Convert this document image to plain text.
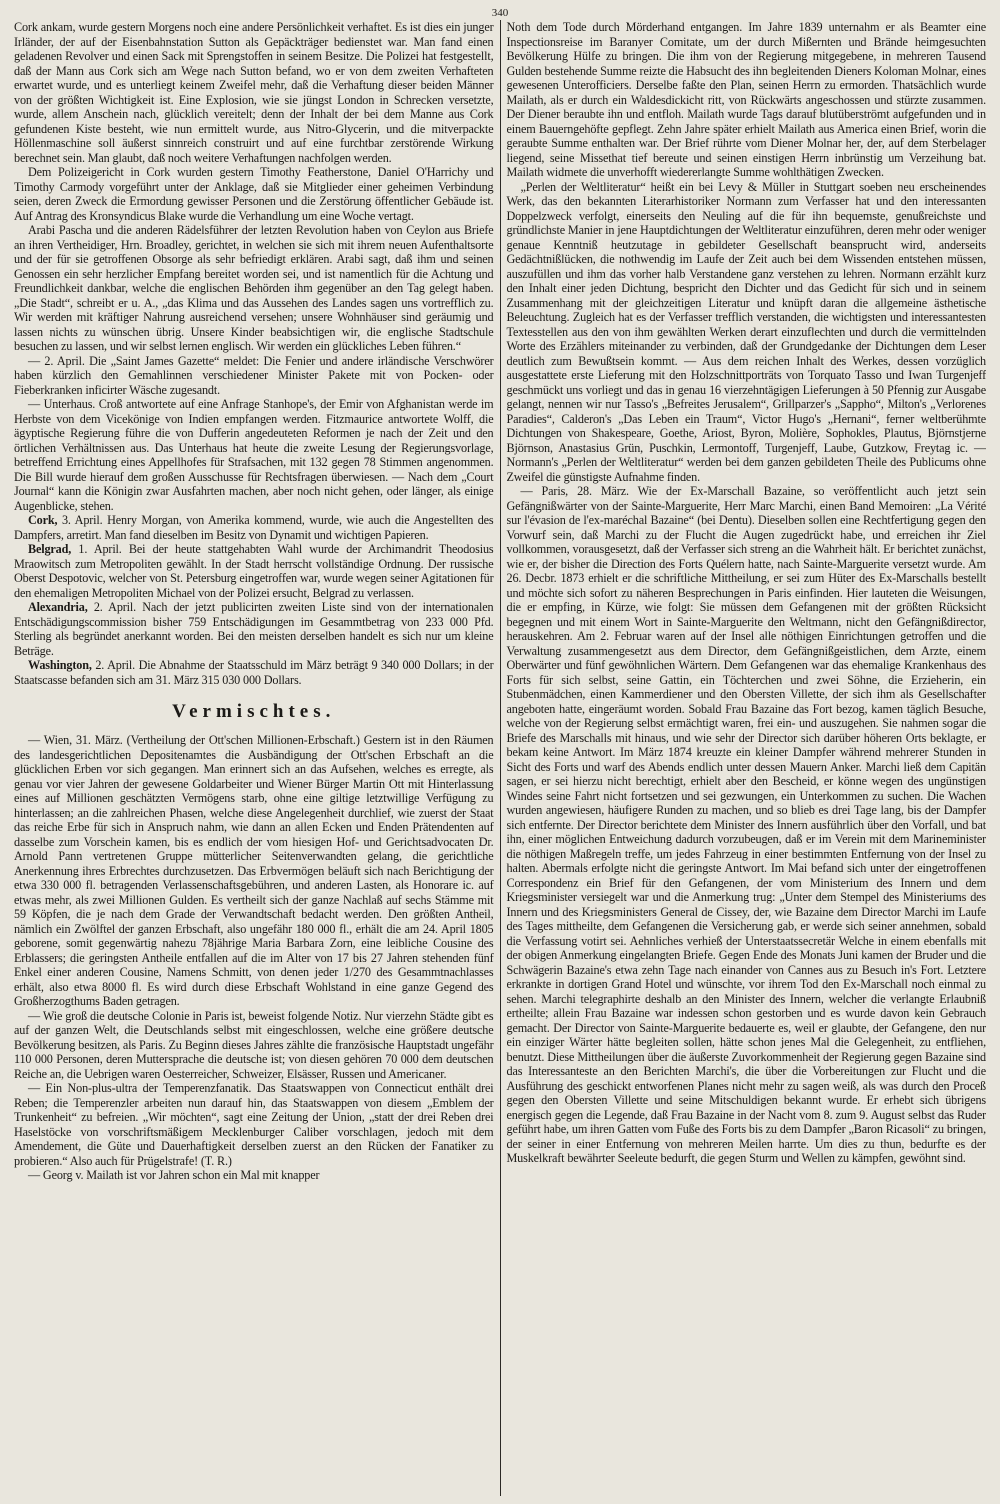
340

Cork ankam, wurde gestern Morgens noch eine andere Persönlichkeit verhaftet. Es ist dies ein junger Irländer, der auf der Eisenbahnstation Sutton als Gepäckträger bedienstet war. Man fand einen geladenen Revolver und einen Sack mit Sprengstoffen in seinem Besitze. Die Polizei hat festgestellt, daß der Mann aus Cork sich am Wege nach Sutton befand, wo er von dem zweiten Verhafteten erwartet wurde, und es unterliegt keinem Zweifel mehr, daß die Verhaftung dieser beiden Männer von der größten Wichtigkeit ist. Eine Explosion, wie sie jüngst London in Schrecken versetzte, wurde, allem Anschein nach, glücklich vereitelt; denn der Inhalt der bei dem Manne aus Cork gefundenen Kiste besteht, wie nun ermittelt wurde, aus Nitro-Glycerin, und die mitverpackte Höllenmaschine soll äußerst sinnreich construirt und auf eine furchtbar zerstörende Wirkung berechnet sein. Man glaubt, daß noch weitere Verhaftungen nachfolgen werden.

Dem Polizeigericht in Cork wurden gestern Timothy Featherstone, Daniel O'Harrichy und Timothy Carmody vorgeführt unter der Anklage, daß sie Mitglieder einer geheimen Verbindung seien, deren Zweck die Ermordung gewisser Personen und die Zerstörung öffentlicher Gebäude ist. Auf Antrag des Kronsyndicus Blake wurde die Verhandlung um eine Woche vertagt.

Arabi Pascha und die anderen Rädelsführer der letzten Revolution haben von Ceylon aus Briefe an ihren Vertheidiger, Hrn. Broadley, gerichtet, in welchen sie sich mit ihrem neuen Aufenthaltsorte und der für sie getroffenen Obsorge als sehr befriedigt erklären. Arabi sagt, daß ihm und seinen Genossen ein sehr herzlicher Empfang bereitet worden sei, und ist namentlich für die Achtung und Freundlichkeit dankbar, welche die englischen Behörden ihm gegenüber an den Tag gelegt haben. „Die Stadt“, schreibt er u. A., „das Klima und das Aussehen des Landes sagen uns vortrefflich zu. Wir werden mit kräftiger Nahrung ausreichend versehen; unsere Wohnhäuser sind geräumig und lassen nichts zu wünschen übrig. Unsere Kinder beabsichtigen wir, die englische Stadtschule besuchen zu lassen, und wir selbst lernen englisch. Wir werden ein glückliches Leben führen.“

— 2. April. Die „Saint James Gazette“ meldet: Die Fenier und andere irländische Verschwörer haben kürzlich den Gemahlinnen verschiedener Minister Pakete mit von Pocken- oder Fieberkranken inficirter Wäsche zugesandt.

— Unterhaus. Croß antwortete auf eine Anfrage Stanhope's, der Emir von Afghanistan werde im Herbste von dem Vicekönige von Indien empfangen werden. Fitzmaurice antwortete Wolff, die ägyptische Regierung führe die von Dufferin angedeuteten Reformen je nach der Zeit und den örtlichen Verhältnissen aus. Das Unterhaus hat heute die zweite Lesung der Regierungsvorlage, betreffend Errichtung eines Appellhofes für Strafsachen, mit 132 gegen 78 Stimmen angenommen. Die Bill wurde hierauf dem großen Ausschusse für Rechtsfragen überwiesen. — Nach dem „Court Journal“ kann die Königin zwar Ausfahrten machen, aber noch nicht gehen, oder länger, als einige Augenblicke, stehen.

Cork, 3. April. Henry Morgan, von Amerika kommend, wurde, wie auch die Angestellten des Dampfers, arretirt. Man fand dieselben im Besitz von Dynamit und wichtigen Papieren.

Belgrad, 1. April. Bei der heute stattgehabten Wahl wurde der Archimandrit Theodosius Mraowitsch zum Metropoliten gewählt. In der Stadt herrscht vollständige Ordnung. Der russische Oberst Despotovic, welcher von St. Petersburg eingetroffen war, wurde wegen seiner Agitationen für den ehemaligen Metropoliten Michael von der Polizei ersucht, Belgrad zu verlassen.

Alexandria, 2. April. Nach der jetzt publicirten zweiten Liste sind von der internationalen Entschädigungscommission bisher 759 Entschädigungen im Gesammtbetrag von 233 000 Pfd. Sterling als begründet anerkannt worden. Bei den meisten derselben handelt es sich nur um kleine Beträge.

Washington, 2. April. Die Abnahme der Staatsschuld im März beträgt 9 340 000 Dollars; in der Staatscasse befanden sich am 31. März 315 030 000 Dollars.

Vermischtes.

— Wien, 31. März. (Vertheilung der Ott'schen Millionen-Erbschaft.) Gestern ist in den Räumen des landesgerichtlichen Depositenamtes die Ausbändigung der Ott'schen Erbschaft an die glücklichen Erben vor sich gegangen. Man erinnert sich an das Aufsehen, welches es erregte, als genau vor vier Jahren der gewesene Goldarbeiter und Wiener Bürger Martin Ott mit Hinterlassung eines auf Millionen geschätzten Vermögens starb, ohne eine giltige letztwillige Verfügung zu hinterlassen; an die zahlreichen Phasen, welche diese Angelegenheit durchlief, wie zuerst der Staat das reiche Erbe für sich in Anspruch nahm, wie dann an allen Ecken und Enden Prätendenten auf dasselbe zum Vorschein kamen, bis es endlich der vom hiesigen Hof- und Gerichtsadvocaten Dr. Arnold Pann vertretenen Gruppe mütterlicher Seitenverwandten gelang, die gerichtliche Anerkennung ihres Erbrechtes durchzusetzen. Das Erbvermögen beläuft sich nach Berichtigung der etwa 330 000 fl. betragenden Verlassenschaftsgebühren, und anderen Lasten, als Honorare ic. auf etwas mehr, als zwei Millionen Gulden. Es vertheilt sich der ganze Nachlaß auf sechs Stämme mit 59 Köpfen, die je nach dem Grade der Verwandtschaft bedacht werden. Den größten Antheil, nämlich ein Zwölftel der ganzen Erbschaft, also ungefähr 180 000 fl., erhält die am 24. April 1805 geborene, somit gegenwärtig nahezu 78jährige Maria Barbara Zorn, eine leibliche Cousine des Erblassers; die geringsten Antheile entfallen auf die im Alter von 17 bis 27 Jahren stehenden fünf Enkel einer anderen Cousine, Namens Schmitt, von denen jeder 1/270 des Gesammtnachlasses erhält, also etwa 8000 fl. Es wird durch diese Erbschaft Wohlstand in eine ganze Gegend des Großherzogthums Baden getragen.

— Wie groß die deutsche Colonie in Paris ist, beweist folgende Notiz. Nur vierzehn Städte gibt es auf der ganzen Welt, die Deutschlands selbst mit eingeschlossen, welche eine größere deutsche Bevölkerung besitzen, als Paris. Zu Beginn dieses Jahres zählte die französische Hauptstadt ungefähr 110 000 Personen, deren Muttersprache die deutsche ist; von diesen gehören 70 000 dem deutschen Reiche an, die Uebrigen waren Oesterreicher, Schweizer, Elsässer, Russen und Americaner.

— Ein Non-plus-ultra der Temperenzfanatik. Das Staatswappen von Connecticut enthält drei Reben; die Temperenzler arbeiten nun darauf hin, das Staatswappen von diesem „Emblem der Trunkenheit“ zu befreien. „Wir möchten“, sagt eine Zeitung der Union, „statt der drei Reben drei Haselstöcke von vorschriftsmäßigem Mecklenburger Caliber vorschlagen, jedoch mit dem Amendement, die Güte und Dauerhaftigkeit derselben zuerst an den Rücken der Fanatiker zu probieren.“ Also auch für Prügelstrafe! (T. R.)

— Georg v. Mailath ist vor Jahren schon ein Mal mit knapper

Noth dem Tode durch Mörderhand entgangen. Im Jahre 1839 unternahm er als Beamter eine Inspectionsreise im Baranyer Comitate, um der durch Mißernten und Brände heimgesuchten Bevölkerung Hülfe zu bringen. Die ihm von der Regierung mitgegebene, in mehreren Tausend Gulden bestehende Summe reizte die Habsucht des ihn begleitenden Dieners Koloman Molnar, eines gewesenen Unterofficiers. Derselbe faßte den Plan, seinen Herrn zu ermorden. Thatsächlich wurde Mailath, als er durch ein Waldesdickicht ritt, von Rückwärts angeschossen und stürzte zusammen. Der Diener beraubte ihn und entfloh. Mailath wurde Tags darauf blutüberströmt aufgefunden und in einem Bauerngehöfte gepflegt. Zehn Jahre später erhielt Mailath aus America einen Brief, worin die geraubte Summe enthalten war. Der Brief rührte vom Diener Molnar her, der, auf dem Sterbelager liegend, seine Missethat tief bereute und seinen einstigen Herrn inbrünstig um Verzeihung bat. Mailath widmete die unverhofft wiedererlangte Summe wohlthätigen Zwecken.

„Perlen der Weltliteratur“ heißt ein bei Levy & Müller in Stuttgart soeben neu erscheinendes Werk, das den bekannten Literarhistoriker Normann zum Verfasser hat und den interessanten Doppelzweck verfolgt, einerseits den Neuling auf die für ihn bequemste, genußreichste und gründlichste Manier in jene Hauptdichtungen der Weltliteratur einzuführen, deren mehr oder weniger genaue Kenntniß heutzutage in gebildeter Gesellschaft beansprucht wird, anderseits Gedächtnißlücken, die nothwendig im Laufe der Zeit auch bei dem Wissenden entstehen müssen, auszufüllen und ihm das vorher halb Verstandene ganz verstehen zu lehren. Normann erzählt kurz den Inhalt einer jeden Dichtung, bespricht den Dichter und das Gedicht für sich und in seinem Zusammenhang mit der gleichzeitigen Literatur und knüpft daran die allgemeine ästhetische Beleuchtung. Zugleich hat es der Verfasser trefflich verstanden, die wichtigsten und interessantesten Textesstellen aus den von ihm gewählten Werken derart einzuflechten und durch die vermittelnden Worte des Erzählers miteinander zu verbinden, daß der Grundgedanke der Dichtungen dem Leser deutlich zum Bewußtsein kommt. — Aus dem reichen Inhalt des Werkes, dessen vorzüglich ausgestattete erste Lieferung mit den Holzschnittporträts von Torquato Tasso und Iwan Turgenjeff geschmückt uns vorliegt und das in genau 16 vierzehntägigen Lieferungen à 50 Pfennig zur Ausgabe gelangt, nennen wir nur Tasso's „Befreites Jerusalem“, Grillparzer's „Sappho“, Milton's „Verlorenes Paradies“, Calderon's „Das Leben ein Traum“, Victor Hugo's „Hernani“, ferner weltberühmte Dichtungen von Shakespeare, Goethe, Ariost, Byron, Molière, Sophokles, Plautus, Björnstjerne Björnson, Anastasius Grün, Puschkin, Lermontoff, Turgenjeff, Laube, Gutzkow, Freytag ic. — Normann's „Perlen der Weltliteratur“ werden bei dem ganzen gebildeten Theile des Publicums ohne Zweifel die günstigste Aufnahme finden.

— Paris, 28. März. Wie der Ex-Marschall Bazaine, so veröffentlicht auch jetzt sein Gefängnißwärter von der Sainte-Marguerite, Herr Marc Marchi, einen Band Memoiren: „La Vérité sur l'évasion de l'ex-maréchal Bazaine“ (bei Dentu). Dieselben sollen eine Rechtfertigung gegen den Vorwurf sein, daß Marchi zu der Flucht die Augen zugedrückt habe, und erreichen ihr Ziel vollkommen, vorausgesetzt, daß der Verfasser sich streng an die Wahrheit hält. Er berichtet zunächst, wie er, der bisher die Direction des Forts Quélern hatte, nach Sainte-Marguerite versetzt wurde. Am 26. Decbr. 1873 erhielt er die schriftliche Mittheilung, er sei zum Hüter des Ex-Marschalls bestellt und möchte sich sofort zu näheren Besprechungen in Paris einfinden. Hier lauteten die Weisungen, die er empfing, in Kürze, wie folgt: Sie müssen dem Gefangenen mit der größten Rücksicht begegnen und mit einem Wort in Sainte-Marguerite den Weltmann, nicht den Gefängnißdirector, herauskehren. Am 2. Februar waren auf der Insel alle nöthigen Einrichtungen getroffen und die Verwaltung zusammengesetzt aus dem Director, dem Gefängnißgeistlichen, dem Arzte, einem Oberwärter und fünf gewöhnlichen Wärtern. Dem Gefangenen war das ehemalige Krankenhaus des Forts für sich selbst, seine Gattin, ein Töchterchen und zwei Söhne, die Erzieherin, ein Stubenmädchen, einen Kammerdiener und den Obersten Villette, der sich ihm als Gesellschafter angeboten hatte, eingeräumt worden. Sobald Frau Bazaine das Fort bezog, kamen täglich Besuche, welche von der Regierung selbst ermächtigt waren, frei ein- und auszugehen. Sie nahmen sogar die Briefe des Marschalls mit hinaus, und wie sehr der Director sich darüber höheren Orts beklagte, er bekam keine Antwort. Im März 1874 kreuzte ein kleiner Dampfer während mehrerer Stunden in Sicht des Forts und warf des Abends endlich unter dessen Mauern Anker. Marchi ließ dem Capitän sagen, er sei hierzu nicht berechtigt, erhielt aber den Bescheid, er könne wegen des ungünstigen Windes seine Fahrt nicht fortsetzen und sei gezwungen, ein Unterkommen zu suchen. Die Wachen wurden angewiesen, häufigere Runden zu machen, und so blieb es drei Tage lang, bis der Dampfer sich entfernte. Der Director berichtete dem Minister des Innern ausführlich über den Vorfall, und bat ihn, einer möglichen Entweichung dadurch vorzubeugen, daß er im Verein mit dem Marineminister die nöthigen Maßregeln treffe, um jedes Fahrzeug in einer bestimmten Entfernung von der Insel zu halten. Abermals erfolgte nicht die geringste Antwort. Im Mai befand sich unter der eingetroffenen Correspondenz ein Brief für den Gefangenen, der vom Ministerium des Innern und dem Kriegsminister versiegelt war und die Anmerkung trug: „Unter dem Stempel des Ministeriums des Innern und des Kriegsministers General de Cissey, der, wie Bazaine dem Director Marchi im Laufe des Tages mittheilte, dem Gefangenen die Versicherung gab, er werde sich seiner annehmen, sobald die Verfassung votirt sei. Aehnliches verhieß der Unterstaatssecretär Welche in einem ebenfalls mit der obigen Anmerkung eingelangten Briefe. Gegen Ende des Monats Juni kamen der Bruder und die Schwägerin Bazaine's etwa zehn Tage nach einander von Cannes aus zu Besuch in's Fort. Letztere erkrankte in dortigen Grand Hotel und wünschte, vor ihrem Tod den Ex-Marschall noch einmal zu sehen. Marchi telegraphirte deshalb an den Minister des Innern, welcher die verlangte Erlaubniß ertheilte; allein Frau Bazaine war indessen schon gestorben und es wurde davon kein Gebrauch gemacht. Der Director von Sainte-Marguerite bedauerte es, weil er glaubte, der Gefangene, den nur ein einziger Wärter hätte begleiten sollen, hätte schon jenes Mal die Gelegenheit, zu entfliehen, benutzt. Diese Mittheilungen über die äußerste Zuvorkommenheit der Regierung gegen Bazaine sind das Interessanteste an den Berichten Marchi's, die über die Vorbereitungen zur Flucht und die Ausführung des geschickt entworfenen Planes nicht mehr zu sagen weiß, als was durch den Proceß gegen den Obersten Villette und seine Mitschuldigen bekannt wurde. Er erhebt sich übrigens energisch gegen die Legende, daß Frau Bazaine in der Nacht vom 8. zum 9. August selbst das Ruder geführt habe, um ihren Gatten vom Fuße des Forts bis zu dem Dampfer „Baron Ricasoli“ zu bringen, der seiner in einer Entfernung von mehreren Meilen harrte. Um dies zu thun, bedurfte es der Muskelkraft bewährter Seeleute bedurft, die gegen Sturm und Wellen zu kämpfen, gewöhnt sind.
